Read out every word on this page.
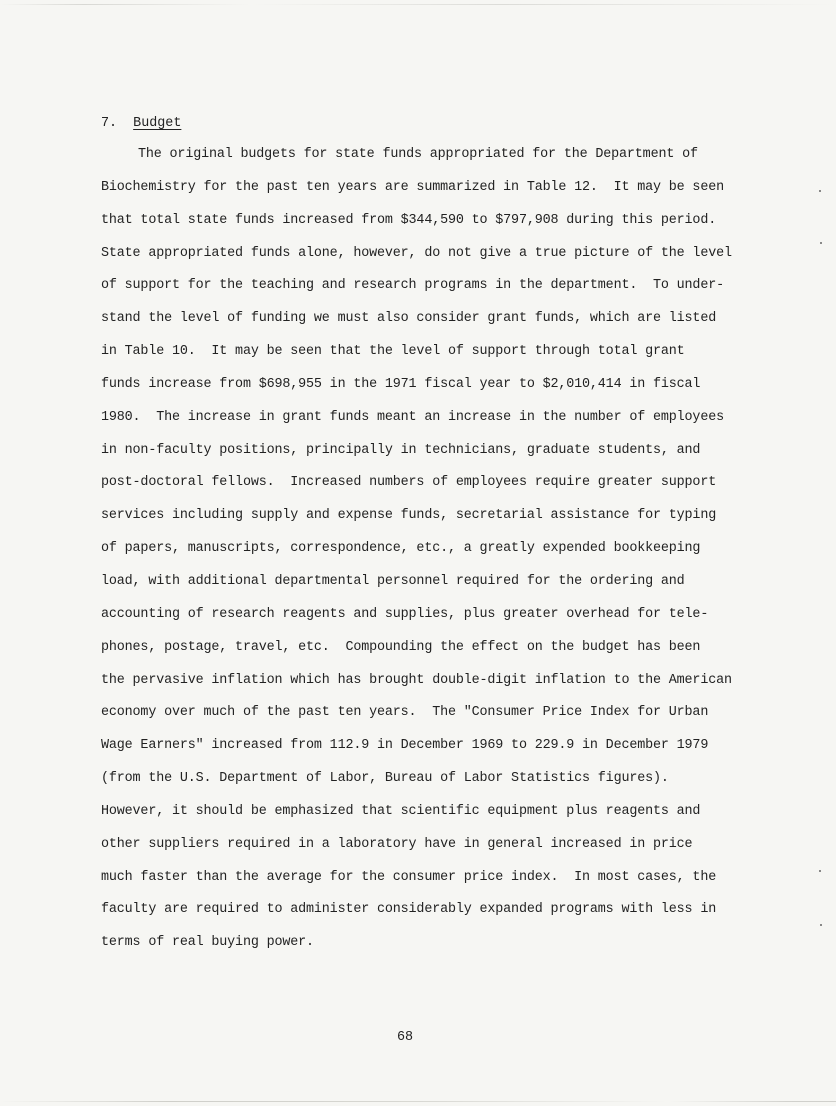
7. Budget
The original budgets for state funds appropriated for the Department of
Biochemistry for the past ten years are summarized in Table 12.  It may be seen
that total state funds increased from $344,590 to $797,908 during this period.
State appropriated funds alone, however, do not give a true picture of the level
of support for the teaching and research programs in the department.  To under-
stand the level of funding we must also consider grant funds, which are listed
in Table 10.  It may be seen that the level of support through total grant
funds increase from $698,955 in the 1971 fiscal year to $2,010,414 in fiscal
1980.  The increase in grant funds meant an increase in the number of employees
in non-faculty positions, principally in technicians, graduate students, and
post-doctoral fellows.  Increased numbers of employees require greater support
services including supply and expense funds, secretarial assistance for typing
of papers, manuscripts, correspondence, etc., a greatly expended bookkeeping
load, with additional departmental personnel required for the ordering and
accounting of research reagents and supplies, plus greater overhead for tele-
phones, postage, travel, etc.  Compounding the effect on the budget has been
the pervasive inflation which has brought double-digit inflation to the American
economy over much of the past ten years.  The "Consumer Price Index for Urban
Wage Earners" increased from 112.9 in December 1969 to 229.9 in December 1979
(from the U.S. Department of Labor, Bureau of Labor Statistics figures).
However, it should be emphasized that scientific equipment plus reagents and
other suppliers required in a laboratory have in general increased in price
much faster than the average for the consumer price index.  In most cases, the
faculty are required to administer considerably expanded programs with less in
terms of real buying power.
68
